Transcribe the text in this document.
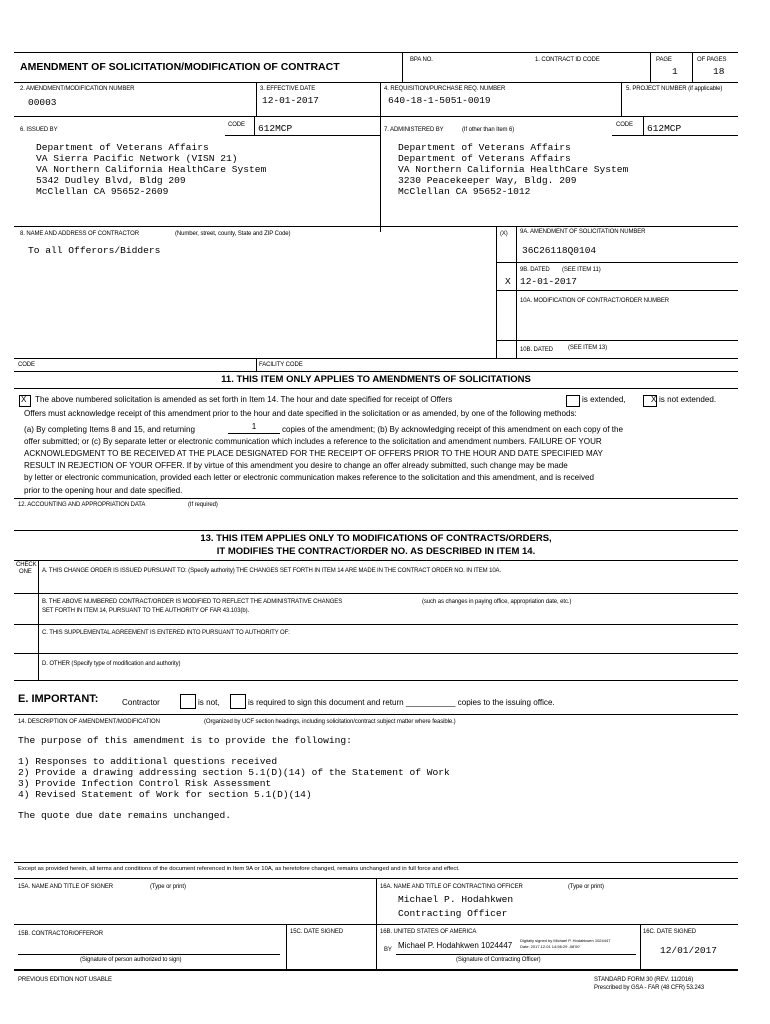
AMENDMENT OF SOLICITATION/MODIFICATION OF CONTRACT
BPA NO.	1. CONTRACT ID CODE	PAGE
1
OF PAGES
18
2. AMENDMENT/MODIFICATION NUMBER
00003
3. EFFECTIVE DATE
12-01-2017
4. REQUISITION/PURCHASE REQ. NUMBER
640-18-1-5051-0019
5. PROJECT NUMBER (if applicable)
6. ISSUED BY
CODE 612MCP
Department of Veterans Affairs
VA Sierra Pacific Network (VISN 21)
VA Northern California HealthCare System
5342 Dudley Blvd, Bldg 209
McClellan CA 95652-2609
7. ADMINISTERED BY	(If other than Item 6)
CODE 612MCP
Department of Veterans Affairs
Department of Veterans Affairs
VA Northern California HealthCare System
3230 Peacekeeper Way, Bldg. 209
McClellan CA 95652-1012
8. NAME AND ADDRESS OF CONTRACTOR	(Number, street, county, State and ZIP Code)
To all Offerors/Bidders
(X)
CODE	FACILITY CODE
9A. AMENDMENT OF SOLICITATION NUMBER
36C26118Q0104
9B. DATED (SEE ITEM 11)
X 12-01-2017
10A. MODIFICATION OF CONTRACT/ORDER NUMBER
10B. DATED	(SEE ITEM 13)
11. THIS ITEM ONLY APPLIES TO AMENDMENTS OF SOLICITATIONS
X The above numbered solicitation is amended as set forth in Item 14. The hour and date specified for receipt of Offers	is extended,	X is not extended.
Offers must acknowledge receipt of this amendment prior to the hour and date specified in the solicitation or as amended, by one of the following methods:
(a) By completing Items 8 and 15, and returning	1	copies of the amendment; (b) By acknowledging receipt of this amendment on each copy of the
offer submitted; or (c) By separate letter or electronic communication which includes a reference to the solicitation and amendment numbers. FAILURE OF YOUR
ACKNOWLEDGMENT TO BE RECEIVED AT THE PLACE DESIGNATED FOR THE RECEIPT OF OFFERS PRIOR TO THE HOUR AND DATE SPECIFIED MAY
RESULT IN REJECTION OF YOUR OFFER. If by virtue of this amendment you desire to change an offer already submitted, such change may be made
by letter or electronic communication, provided each letter or electronic communication makes reference to the solicitation and this amendment, and is received
prior to the opening hour and date specified.
12. ACCOUNTING AND APPROPRIATION DATA	(If required)
13. THIS ITEM APPLIES ONLY TO MODIFICATIONS OF CONTRACTS/ORDERS,
IT MODIFIES THE CONTRACT/ORDER NO. AS DESCRIBED IN ITEM 14.
CHECK
ONE A. THIS CHANGE ORDER IS ISSUED PURSUANT TO: (Specify authority) THE CHANGES SET FORTH IN ITEM 14 ARE MADE IN THE CONTRACT ORDER NO. IN ITEM 10A.
B. THE ABOVE NUMBERED CONTRACT/ORDER IS MODIFIED TO REFLECT THE ADMINISTRATIVE CHANGES	(such as changes in paying office, appropriation date, etc.)
SET FORTH IN ITEM 14, PURSUANT TO THE AUTHORITY OF FAR 43.103(b).
C. THIS SUPPLEMENTAL AGREEMENT IS ENTERED INTO PURSUANT TO AUTHORITY OF:
D. OTHER (Specify type of modification and authority)
E. IMPORTANT:	Contractor	is not,	is required to sign this document and return ___________ copies to the issuing office.
14. DESCRIPTION OF AMENDMENT/MODIFICATION	(Organized by UCF section headings, including solicitation/contract subject matter where feasible.)
The purpose of this amendment is to provide the following:
1) Responses to additional questions received
2) Provide a drawing addressing section 5.1(D)(14) of the Statement of Work
3) Provide Infection Control Risk Assessment
4) Revised Statement of Work for section 5.1(D)(14)
The quote due date remains unchanged.
Except as provided herein, all terms and conditions of the document referenced in Item 9A or 10A, as heretofore changed, remains unchanged and in full force and effect.
15A. NAME AND TITLE OF SIGNER	(Type or print)	16A. NAME AND TITLE OF CONTRACTING OFFICER	(Type or print)
Michael P. Hodahkwen
Contracting Officer
15B. CONTRACTOR/OFFEROR
(Signature of person authorized to sign)
15C. DATE SIGNED	16B. UNITED STATES OF AMERICA
BY Michael P. Hodahkwen 1024447
Digitally signed by Michael P. Hodahkwen 1024447
Date: 2017.12.01 14:56:29 -08'00'
(Signature of Contracting Officer)
16C. DATE SIGNED
12/01/2017
PREVIOUS EDITION NOT USABLE	STANDARD FORM 30 (REV. 11/2016)
Prescribed by GSA - FAR (48 CFR) 53.243
